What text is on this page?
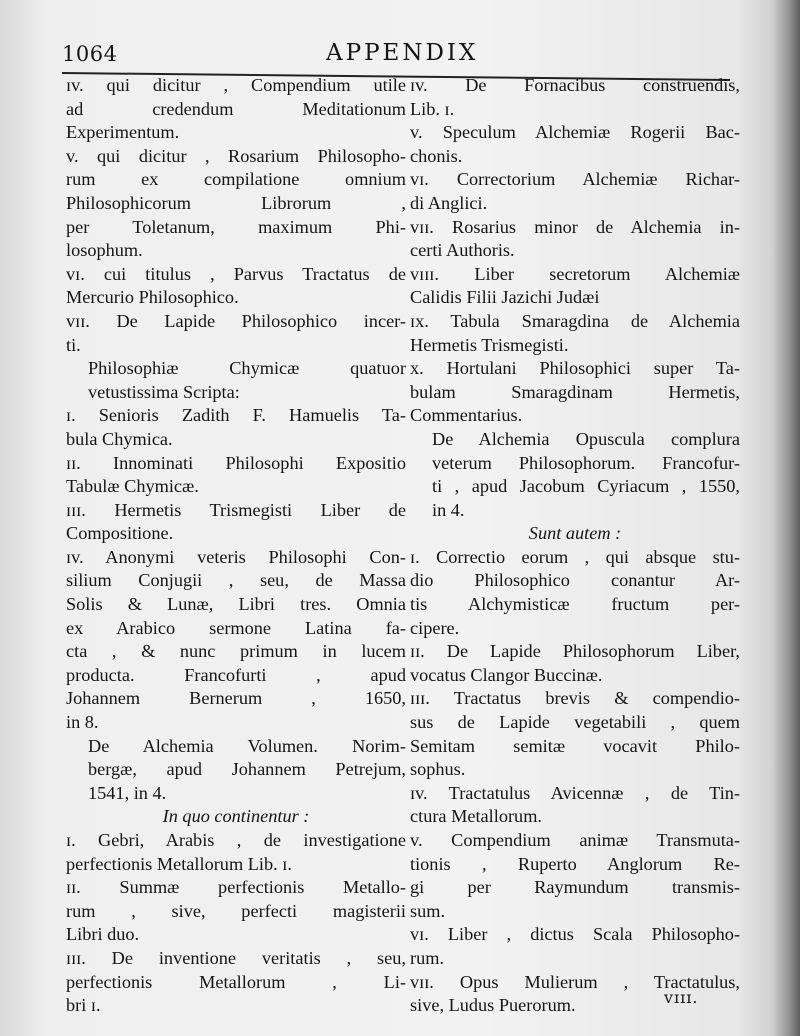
1064	APPENDIX
ɪv. qui dicitur , Compendium utile
ad credendum Meditationum
Experimentum.
v. qui dicitur , Rosarium Philosopho-
rum ex compilatione omnium
Philosophicorum Librorum ,
per Toletanum, maximum Phi-
losophum.
vɪ. cui titulus , Parvus Tractatus de
Mercurio Philosophico.
vɪɪ. De Lapide Philosophico incer-
ti.
Philosophiæ Chymicæ quatuor
vetustissima Scripta:
ɪ. Senioris Zadith F. Hamuelis Ta-
bula Chymica.
ɪɪ. Innominati Philosophi Expositio
Tabulæ Chymicæ.
ɪɪɪ. Hermetis Trismegisti Liber de
Compositione.
ɪv. Anonymi veteris Philosophi Con-
silium Conjugii , seu, de Massa
Solis & Lunæ, Libri tres. Omnia
ex Arabico sermone Latina fa-
cta , & nunc primum in lucem
producta. Francofurti , apud
Johannem Bernerum , 1650,
in 8.
De Alchemia Volumen. Norim-
bergæ, apud Johannem Petrejum,
1541, in 4.
In quo continentur :
ɪ. Gebri, Arabis , de investigatione
perfectionis Metallorum Lib. ɪ.
ɪɪ. Summæ perfectionis Metallo-
rum , sive, perfecti magisterii
Libri duo.
ɪɪɪ. De inventione veritatis , seu,
perfectionis Metallorum , Li-
bri ɪ.
ɪv. De Fornacibus construendis,
Lib. ɪ.
v. Speculum Alchemiæ Rogerii Bac-
chonis.
vɪ. Correctorium Alchemiæ Richar-
di Anglici.
vɪɪ. Rosarius minor de Alchemia in-
certi Authoris.
vɪɪɪ. Liber secretorum Alchemiæ
Calidis Filii Jazichi Judæi
ɪx. Tabula Smaragdina de Alchemia
Hermetis Trismegisti.
x. Hortulani Philosophici super Ta-
bulam Smaragdinam Hermetis,
Commentarius.
De Alchemia Opuscula complura
veterum Philosophorum. Francofur-
ti , apud Jacobum Cyriacum , 1550,
in 4.
Sunt autem :
ɪ. Correctio eorum , qui absque stu-
dio Philosophico conantur Ar-
tis Alchymisticæ fructum per-
cipere.
ɪɪ. De Lapide Philosophorum Liber,
vocatus Clangor Buccinæ.
ɪɪɪ. Tractatus brevis & compendio-
sus de Lapide vegetabili , quem
Semitam semitæ vocavit Philo-
sophus.
ɪv. Tractatulus Avicennæ , de Tin-
ctura Metallorum.
v. Compendium animæ Transmuta-
tionis , Ruperto Anglorum Re-
gi per Raymundum transmis-
sum.
vɪ. Liber , dictus Scala Philosopho-
rum.
vɪɪ. Opus Mulierum , Tractatulus,
sive, Ludus Puerorum.	vɪɪɪ.
